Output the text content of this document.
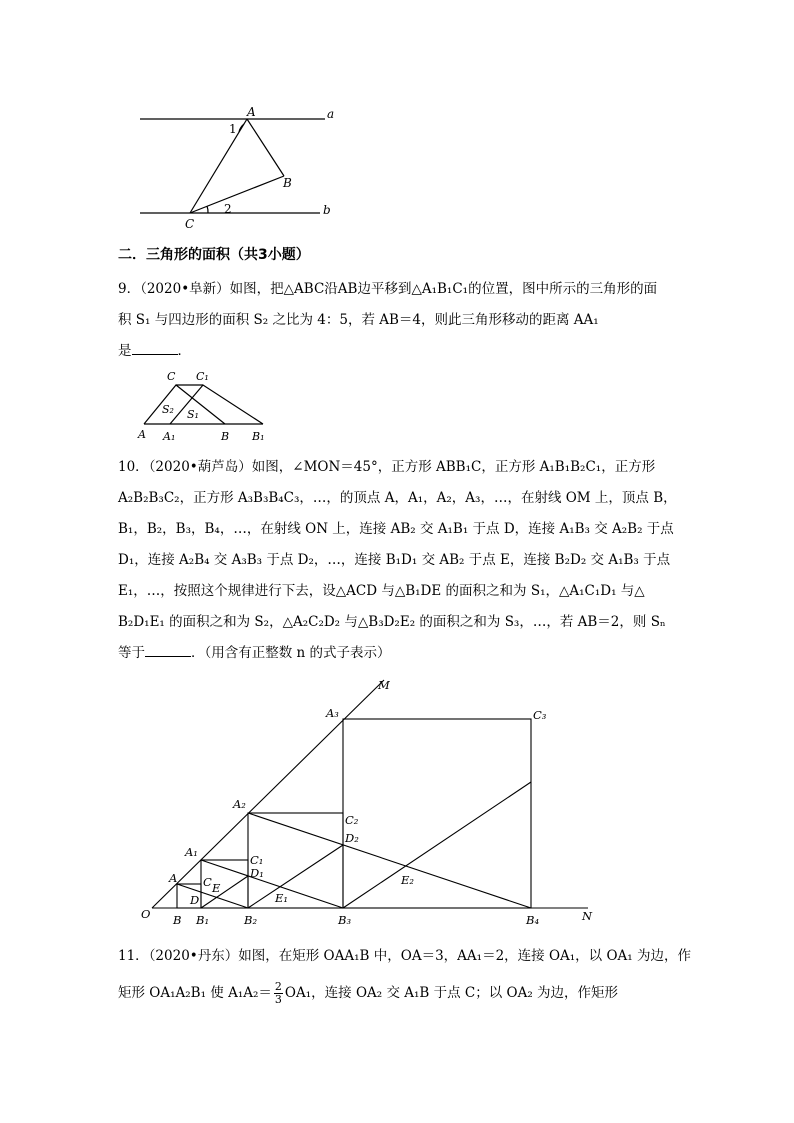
A	a
1
B
C
2	b
二．三角形的面积（共3小题）

9．（2020•阜新）如图，把△ABC沿AB边平移到△A₁B₁C₁的位置，图中所示的三角形的面

积 S₁ 与四边形的面积 S₂ 之比为 4：5，若 AB＝4，则此三角形移动的距离 AA₁

是	．

C C₁
S₂ S₁
A A₁	B B₁

10．（2020•葫芦岛）如图，∠MON＝45°，正方形 ABB₁C，正方形 A₁B₁B₂C₁，正方形

A₂B₂B₃C₂，正方形 A₃B₃B₄C₃，…，的顶点 A，A₁，A₂，A₃，…，在射线 OM 上，顶点 B，

B₁，B₂，B₃，B₄，…，在射线 ON 上，连接 AB₂ 交 A₁B₁ 于点 D，连接 A₁B₃ 交 A₂B₂ 于点

D₁，连接 A₂B₄ 交 A₃B₃ 于点 D₂，…，连接 B₁D₁ 交 AB₂ 于点 E，连接 B₂D₂ 交 A₁B₃ 于点

E₁，…，按照这个规律进行下去，设△ACD 与△B₁DE 的面积之和为 S₁，△A₁C₁D₁ 与△

B₂D₁E₁ 的面积之和为 S₂，△A₂C₂D₂ 与△B₃D₂E₂ 的面积之和为 S₃，…，若 AB＝2，则 Sₙ

等于	．（用含有正整数 n 的式子表示）

M
A₃	C₃
A₂
C₂
D₂
A₁
C₁
D₁
A C E
D	E₁
E₂
O B B₁	B₂	B₃	B₄	N

11．（2020•丹东）如图，在矩形 OAA₁B 中，OA＝3，AA₁＝2，连接 OA₁，以 OA₁ 为边，作

矩形 OA₁A₂B₁ 使 $A_1A_2= \frac{2}{3} OA_1$，连接 OA₂ 交 A₁B 于点 C；以 OA₂ 为边，作矩形
